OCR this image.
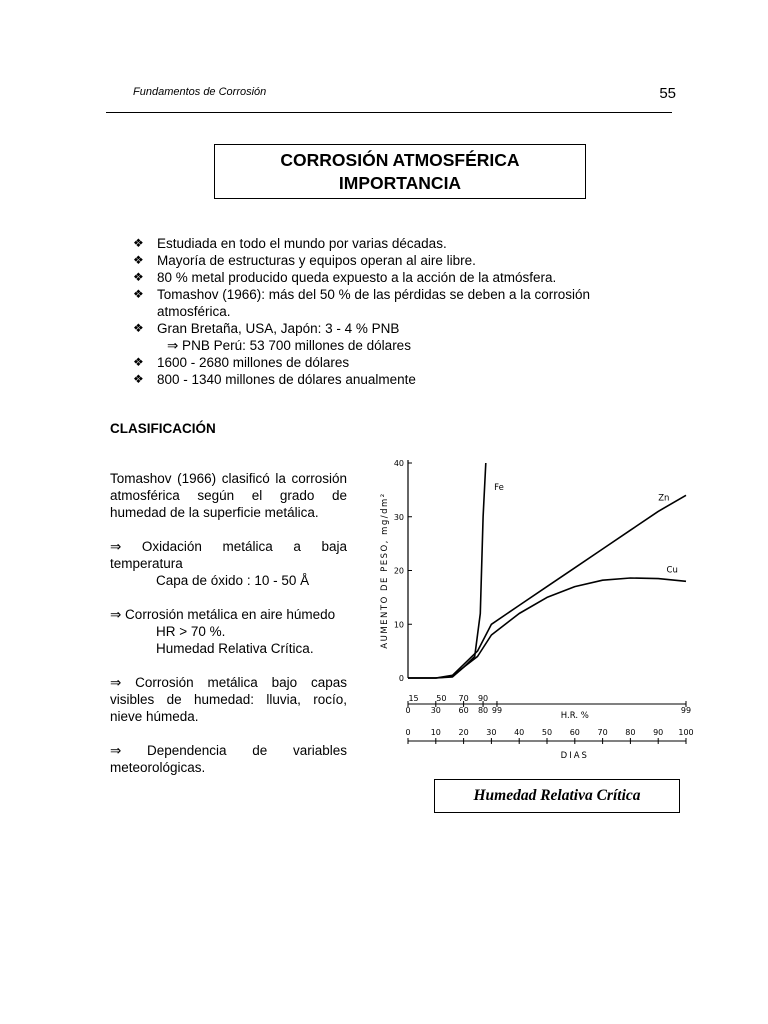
Fundamentos de Corrosión	55
CORROSIÓN ATMOSFÉRICA
IMPORTANCIA
❖ Estudiada en todo el mundo por varias décadas.
❖ Mayoría de estructuras y equipos operan al aire libre.
❖ 80 % metal producido queda expuesto a la acción de la atmósfera.
❖ Tomashov (1966): más del 50 % de las pérdidas se deben a la corrosión
atmosférica.
❖ Gran Bretaña, USA, Japón: 3 - 4 % PNB
⇒ PNB Perú: 53 700 millones de dólares
❖ 1600 - 2680 millones de dólares
❖ 800 - 1340 millones de dólares anualmente
CLASIFICACIÓN

Tomashov (1966) clasificó la corrosión atmosférica según el grado de humedad de la superficie metálica.

⇒ Oxidación metálica a baja temperatura
Capa de óxido : 10 - 50 Å

⇒ Corrosión metálica en aire húmedo
HR > 70 %.
Humedad Relativa Crítica.

⇒ Corrosión metálica bajo capas visibles de humedad: lluvia, rocío, nieve húmeda.

⇒ Dependencia de variables meteorológicas.

0
10
20
30
40
AUMENTO DE PESO, mg/dm²
0	30 60 80 99	99
15 50 70 90
H.R. %
0	10 20 30 40 50 60 70 80 90 100
DIAS
Fe
Zn
Cu
Humedad Relativa Crítica
